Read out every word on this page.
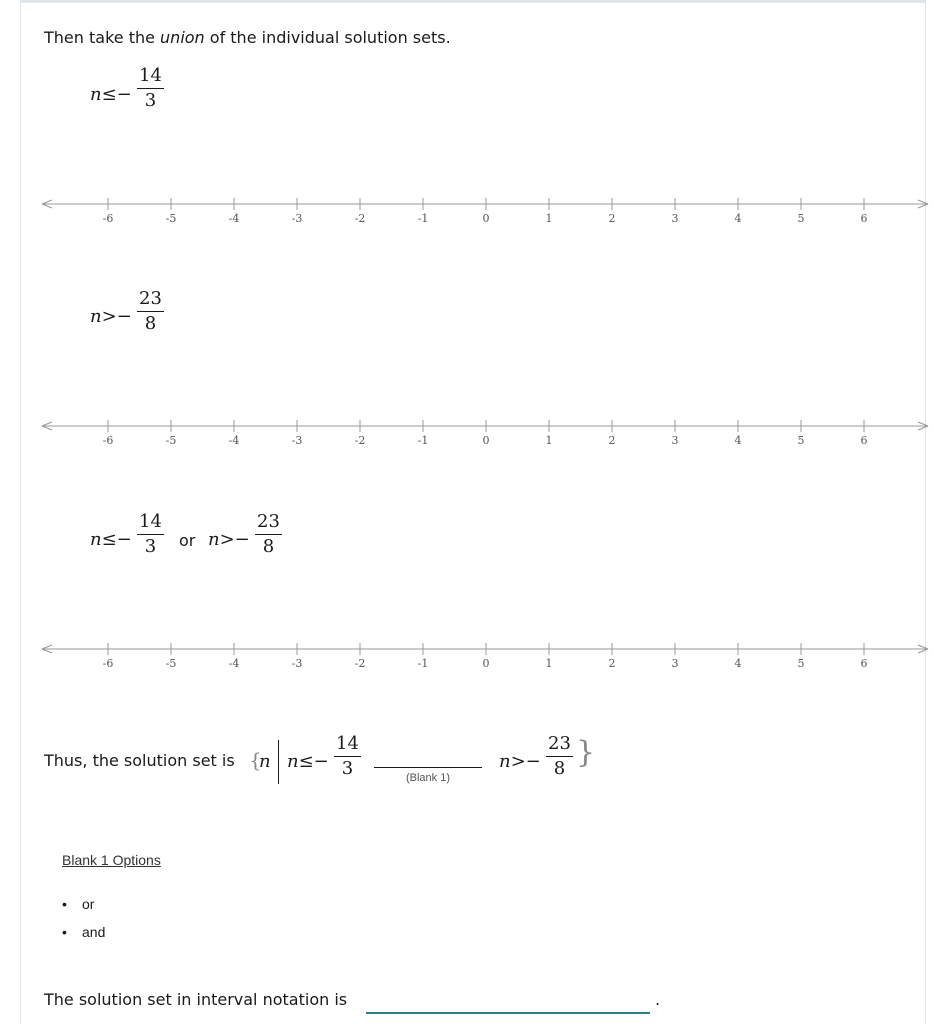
Then take the union of the individual solution sets.
$n\le- \frac{14}{3}$
-6	-5	-4	-3	-2	-1	0	1	2	3	4	5	6
$n>- \frac{23}{8}$
-6	-5	-4	-3	-2	-1	0	1	2	3	4	5	6
$n\le- \frac{14}{3}$ or $n>- \frac{23}{8}$
-6	-5	-4	-3	-2	-1	0	1	2	3	4	5	6
Thus, the solution set is {
n $n\le- \frac{14}{3}$	(Blank 1)
$n>- \frac{23}{8}$ }
Blank 1 Options
• or
• and
The solution set in interval notation is	.
